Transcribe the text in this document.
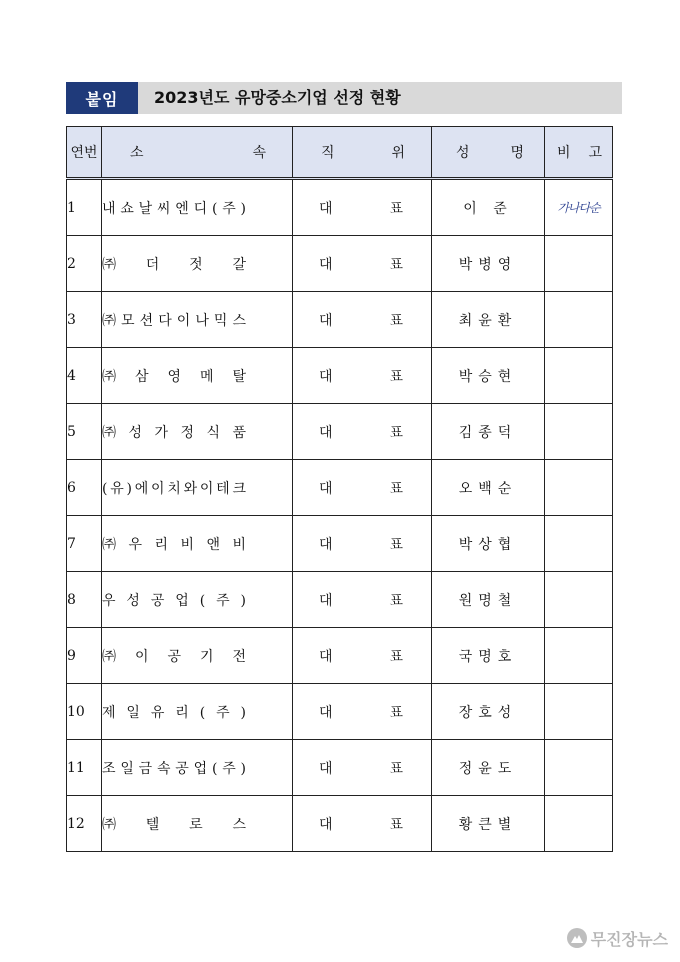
붙임	2023년도 유망중소기업 선정 현황
연번	소 속	직 위	성 명	비 고

1	내쇼날씨엔디(주)	대 표	이 준	가나다순
2	㈜ 더 젓 갈	대 표	박병영	
3	㈜모션다이나믹스	대 표	최윤환	
4	㈜ 삼 영 메 탈	대 표	박승현	
5	㈜성가정식품	대 표	김종덕	
6	(유)에이치와이테크	대 표	오백순	
7	㈜우리비앤비	대 표	박상협	
8	우성공업(주)	대 표	원명철	
9	㈜ 이 공 기 전	대 표	국명호	
10	제일유리(주)	대 표	장호성	
11	조일금속공업(주)	대 표	정윤도	
12	㈜ 텔 로 스	대 표	황큰별	
무진장뉴스
